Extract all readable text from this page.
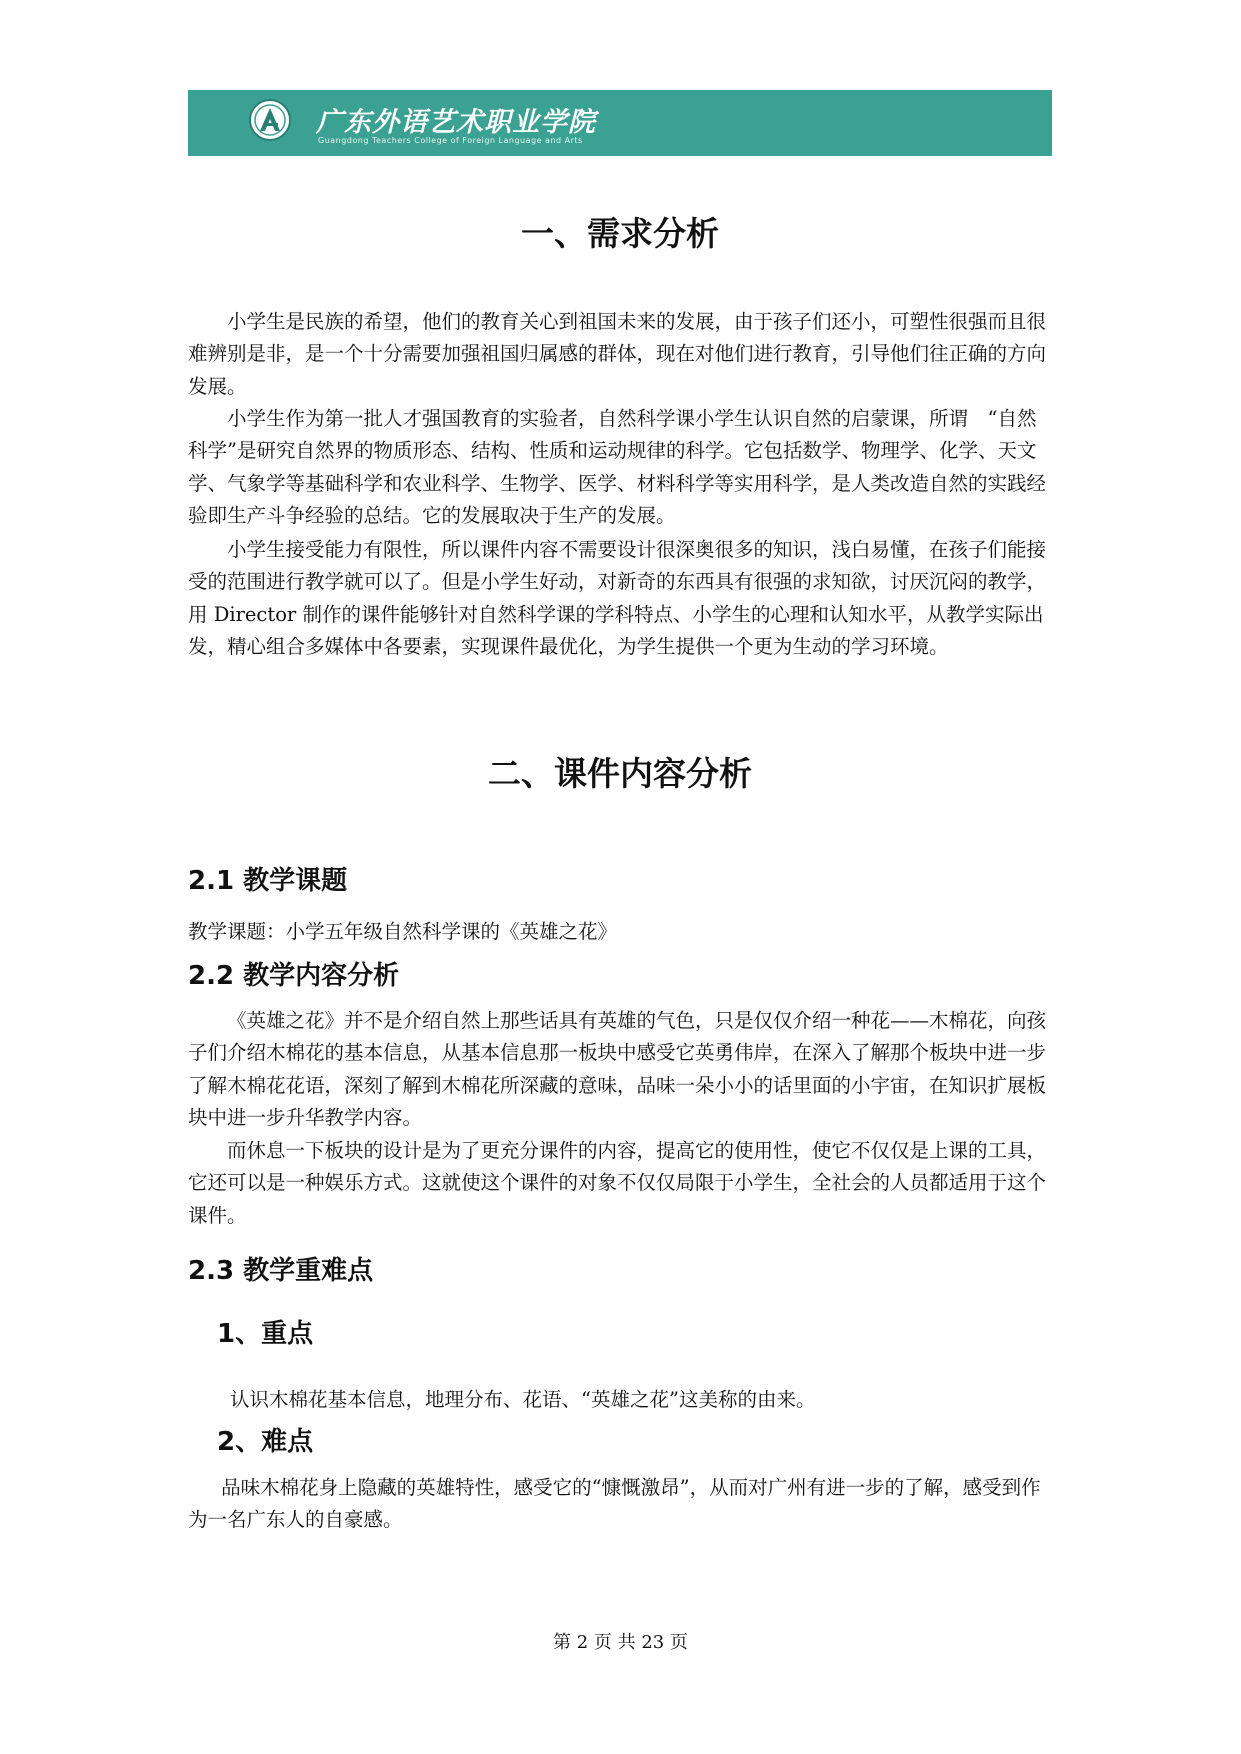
广东外语艺术职业学院
Guangdong Teachers College of Foreign Language and Arts
一、需求分析

小学生是民族的希望，他们的教育关心到祖国未来的发展，由于孩子们还小，可塑性很强而且很难辨别是非，是一个十分需要加强祖国归属感的群体，现在对他们进行教育，引导他们往正确的方向发展。

小学生作为第一批人才强国教育的实验者，自然科学课小学生认识自然的启蒙课，所谓　“自然科学”是研究自然界的物质形态、结构、性质和运动规律的科学。它包括数学、物理学、化学、天文学、气象学等基础科学和农业科学、生物学、医学、材料科学等实用科学，是人类改造自然的实践经验即生产斗争经验的总结。它的发展取决于生产的发展。

小学生接受能力有限性，所以课件内容不需要设计很深奥很多的知识，浅白易懂，在孩子们能接受的范围进行教学就可以了。但是小学生好动，对新奇的东西具有很强的求知欲，讨厌沉闷的教学，用 Director 制作的课件能够针对自然科学课的学科特点、小学生的心理和认知水平，从教学实际出发，精心组合多媒体中各要素，实现课件最优化，为学生提供一个更为生动的学习环境。

二、课件内容分析
2.1 教学课题
教学课题：小学五年级自然科学课的《英雄之花》
2.2 教学内容分析

《英雄之花》并不是介绍自然上那些话具有英雄的气色，只是仅仅介绍一种花——木棉花，向孩子们介绍木棉花的基本信息，从基本信息那一板块中感受它英勇伟岸，在深入了解那个板块中进一步了解木棉花花语，深刻了解到木棉花所深藏的意味，品味一朵小小的话里面的小宇宙，在知识扩展板块中进一步升华教学内容。

而休息一下板块的设计是为了更充分课件的内容，提高它的使用性，使它不仅仅是上课的工具，它还可以是一种娱乐方式。这就使这个课件的对象不仅仅局限于小学生，全社会的人员都适用于这个课件。

2.3 教学重难点
1、重点
认识木棉花基本信息，地理分布、花语、“英雄之花”这美称的由来。
2、难点

品味木棉花身上隐藏的英雄特性，感受它的“慷慨激昂”，从而对广州有进一步的了解，感受到作为一名广东人的自豪感。

第 2 页 共 23 页
